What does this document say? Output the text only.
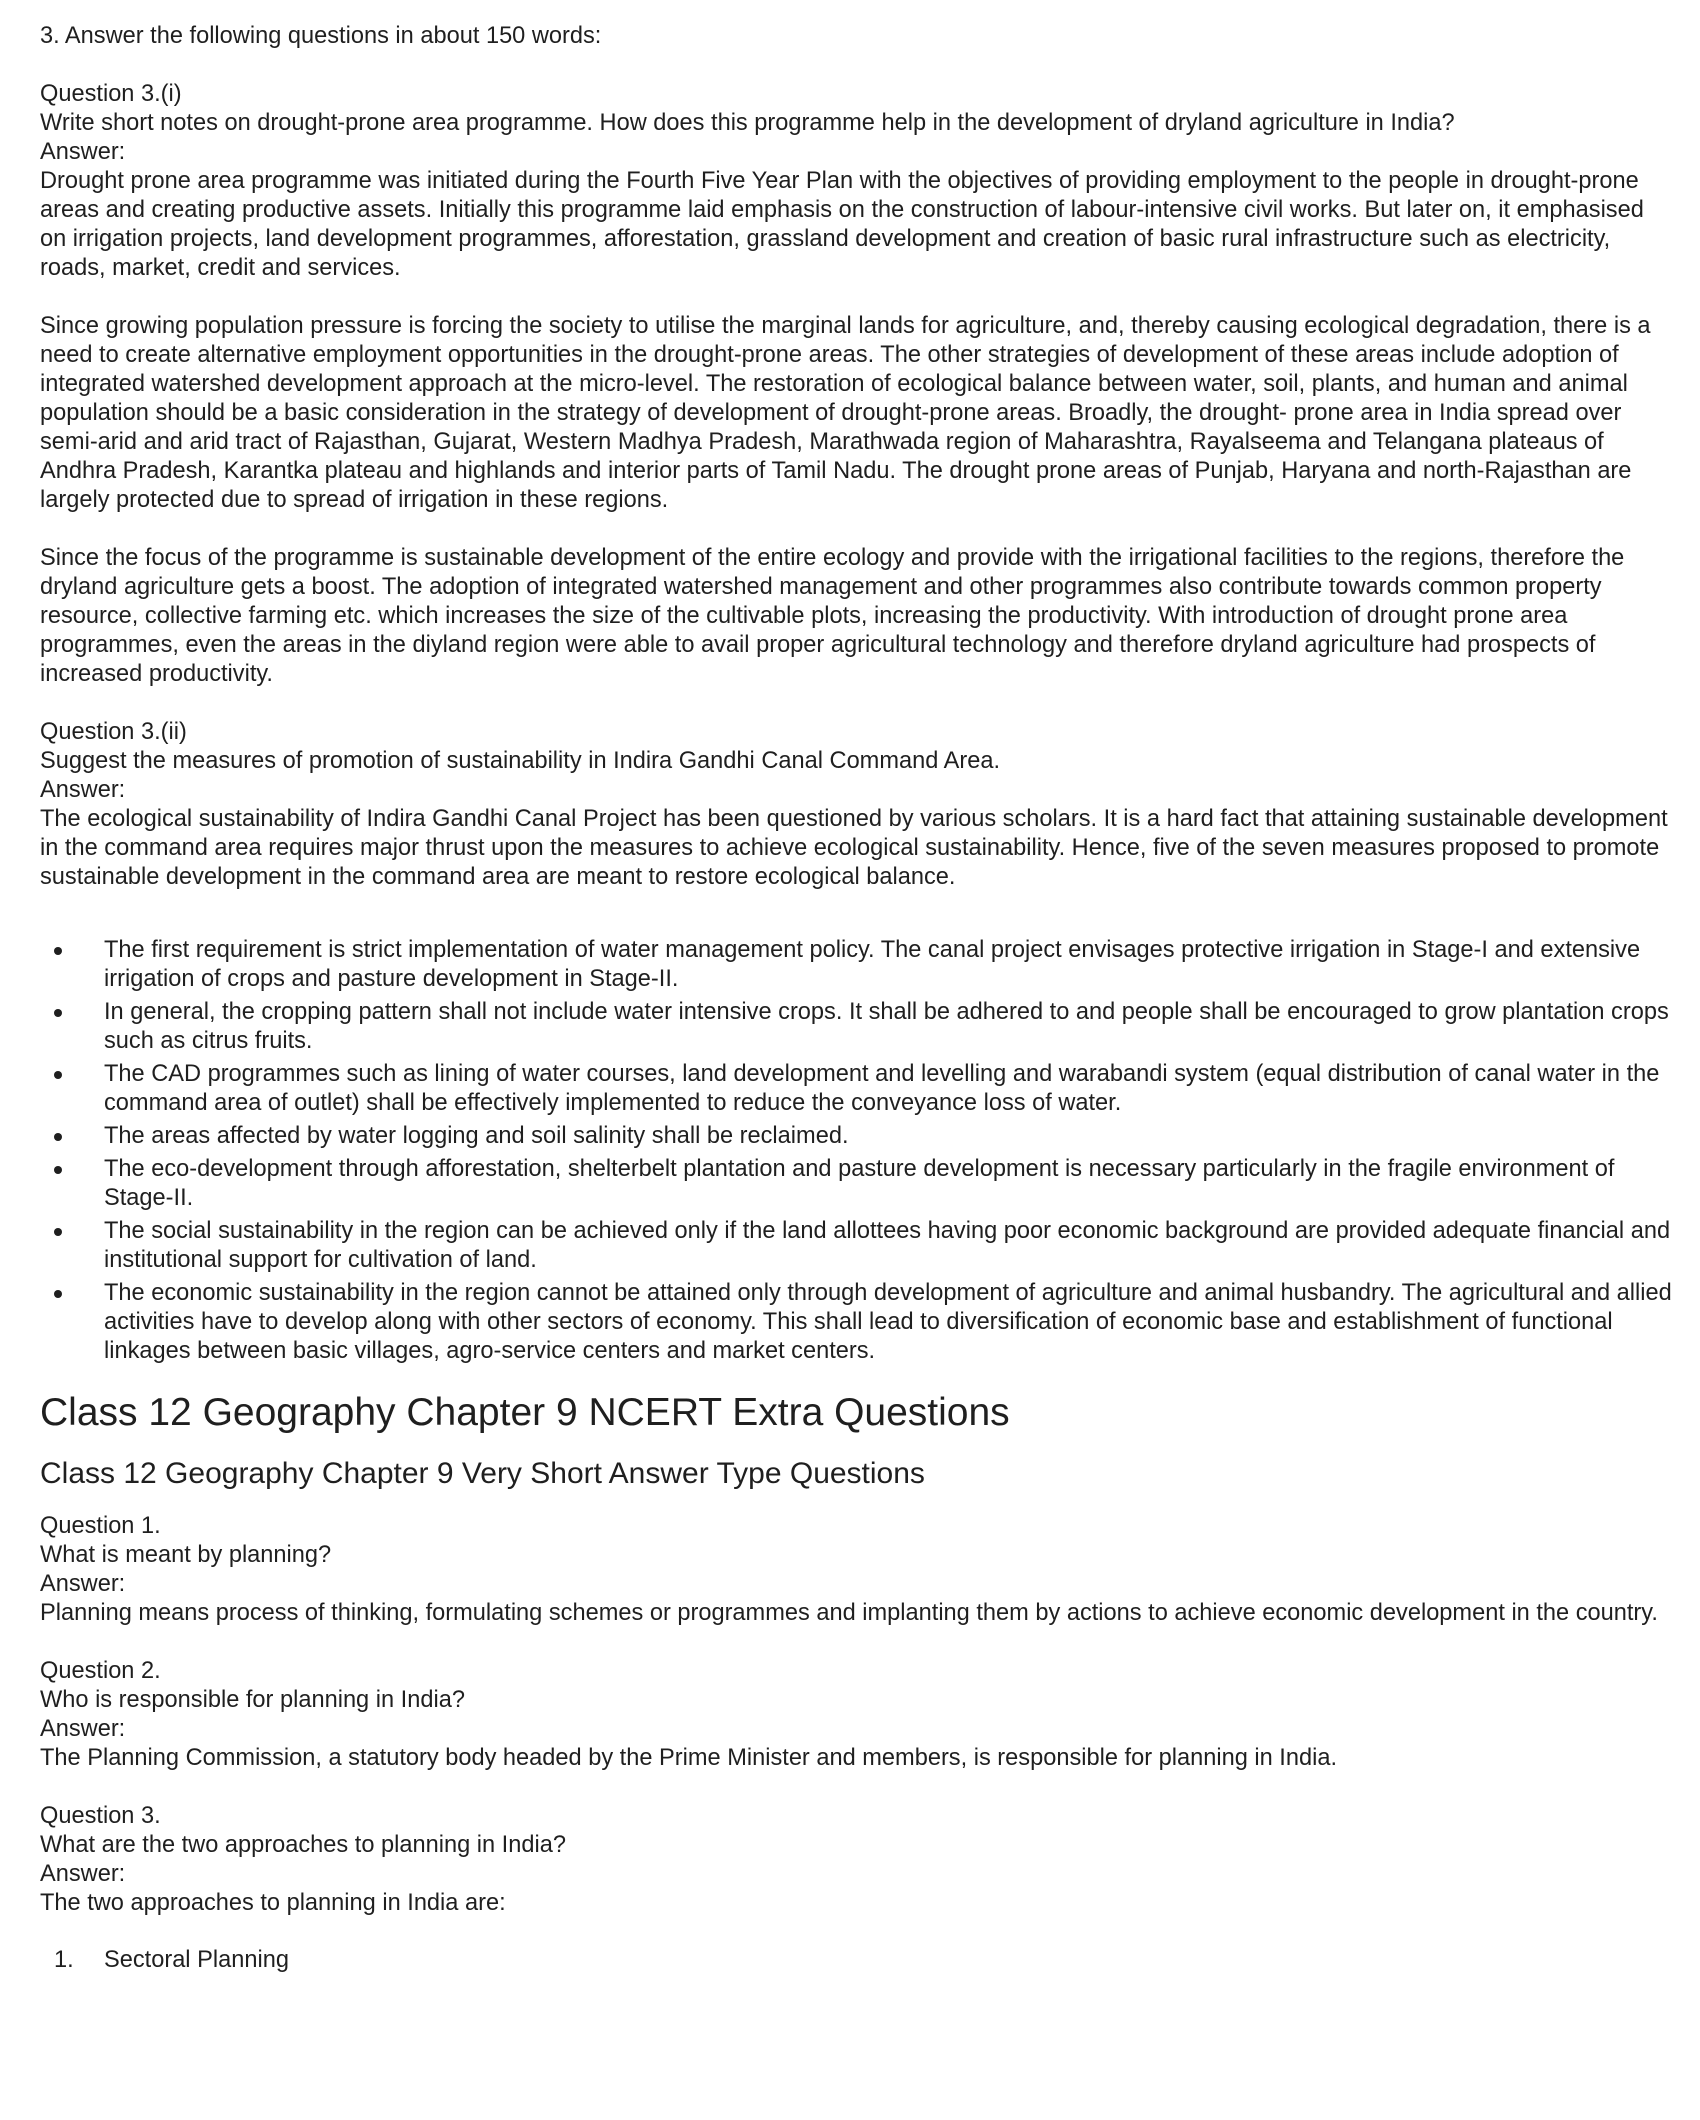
3. Answer the following questions in about 150 words:
Question 3.(i)
Write short notes on drought-prone area programme. How does this programme help in the development of dryland agriculture in India?
Answer:

Drought prone area programme was initiated during the Fourth Five Year Plan with the objectives of providing employment to the people in drought-prone areas and creating productive assets. Initially this programme laid emphasis on the construction of labour-intensive civil works. But later on, it emphasised on irrigation projects, land development programmes, afforestation, grassland development and creation of basic rural infrastructure such as electricity, roads, market, credit and services.

Since growing population pressure is forcing the society to utilise the marginal lands for agriculture, and, thereby causing ecological degradation, there is a need to create alternative employment opportunities in the drought-prone areas. The other strategies of development of these areas include adoption of integrated watershed development approach at the micro-level. The restoration of ecological balance between water, soil, plants, and human and animal population should be a basic consideration in the strategy of development of drought-prone areas. Broadly, the drought- prone area in India spread over semi-arid and arid tract of Rajasthan, Gujarat, Western Madhya Pradesh, Marathwada region of Maharashtra, Rayalseema and Telangana plateaus of Andhra Pradesh, Karantka plateau and highlands and interior parts of Tamil Nadu. The drought prone areas of Punjab, Haryana and north-Rajasthan are largely protected due to spread of irrigation in these regions.

Since the focus of the programme is sustainable development of the entire ecology and provide with the irrigational facilities to the regions, therefore the dryland agriculture gets a boost. The adoption of integrated watershed management and other programmes also contribute towards common property resource, collective farming etc. which increases the size of the cultivable plots, increasing the productivity. With introduction of drought prone area programmes, even the areas in the diyland region were able to avail proper agricultural technology and therefore dryland agriculture had prospects of increased productivity.

Question 3.(ii)
Suggest the measures of promotion of sustainability in Indira Gandhi Canal Command Area.
Answer:

The ecological sustainability of Indira Gandhi Canal Project has been questioned by various scholars. It is a hard fact that attaining sustainable development in the command area requires major thrust upon the measures to achieve ecological sustainability. Hence, five of the seven measures proposed to promote sustainable development in the command area are meant to restore ecological balance.

The first requirement is strict implementation of water management policy. The canal project envisages protective irrigation in Stage-I and extensive irrigation of crops and pasture development in Stage-II.
In general, the cropping pattern shall not include water intensive crops. It shall be adhered to and people shall be encouraged to grow plantation crops such as citrus fruits.
The CAD programmes such as lining of water courses, land development and levelling and warabandi system (equal distribution of canal water in the command area of outlet) shall be effectively implemented to reduce the conveyance loss of water.
The areas affected by water logging and soil salinity shall be reclaimed.
The eco-development through afforestation, shelterbelt plantation and pasture development is necessary particularly in the fragile environment of Stage-II.
The social sustainability in the region can be achieved only if the land allottees having poor economic background are provided adequate financial and institutional support for cultivation of land.
The economic sustainability in the region cannot be attained only through development of agriculture and animal husbandry. The agricultural and allied activities have to develop along with other sectors of economy. This shall lead to diversification of economic base and establishment of functional linkages between basic villages, agro-service centers and market centers.
Class 12 Geography Chapter 9 NCERT Extra Questions
Class 12 Geography Chapter 9 Very Short Answer Type Questions
Question 1.
What is meant by planning?
Answer:

Planning means process of thinking, formulating schemes or programmes and implanting them by actions to achieve economic development in the country.

Question 2.
Who is responsible for planning in India?
Answer:

The Planning Commission, a statutory body headed by the Prime Minister and members, is responsible for planning in India.

Question 3.
What are the two approaches to planning in India?
Answer:

The two approaches to planning in India are:

1. Sectoral Planning
